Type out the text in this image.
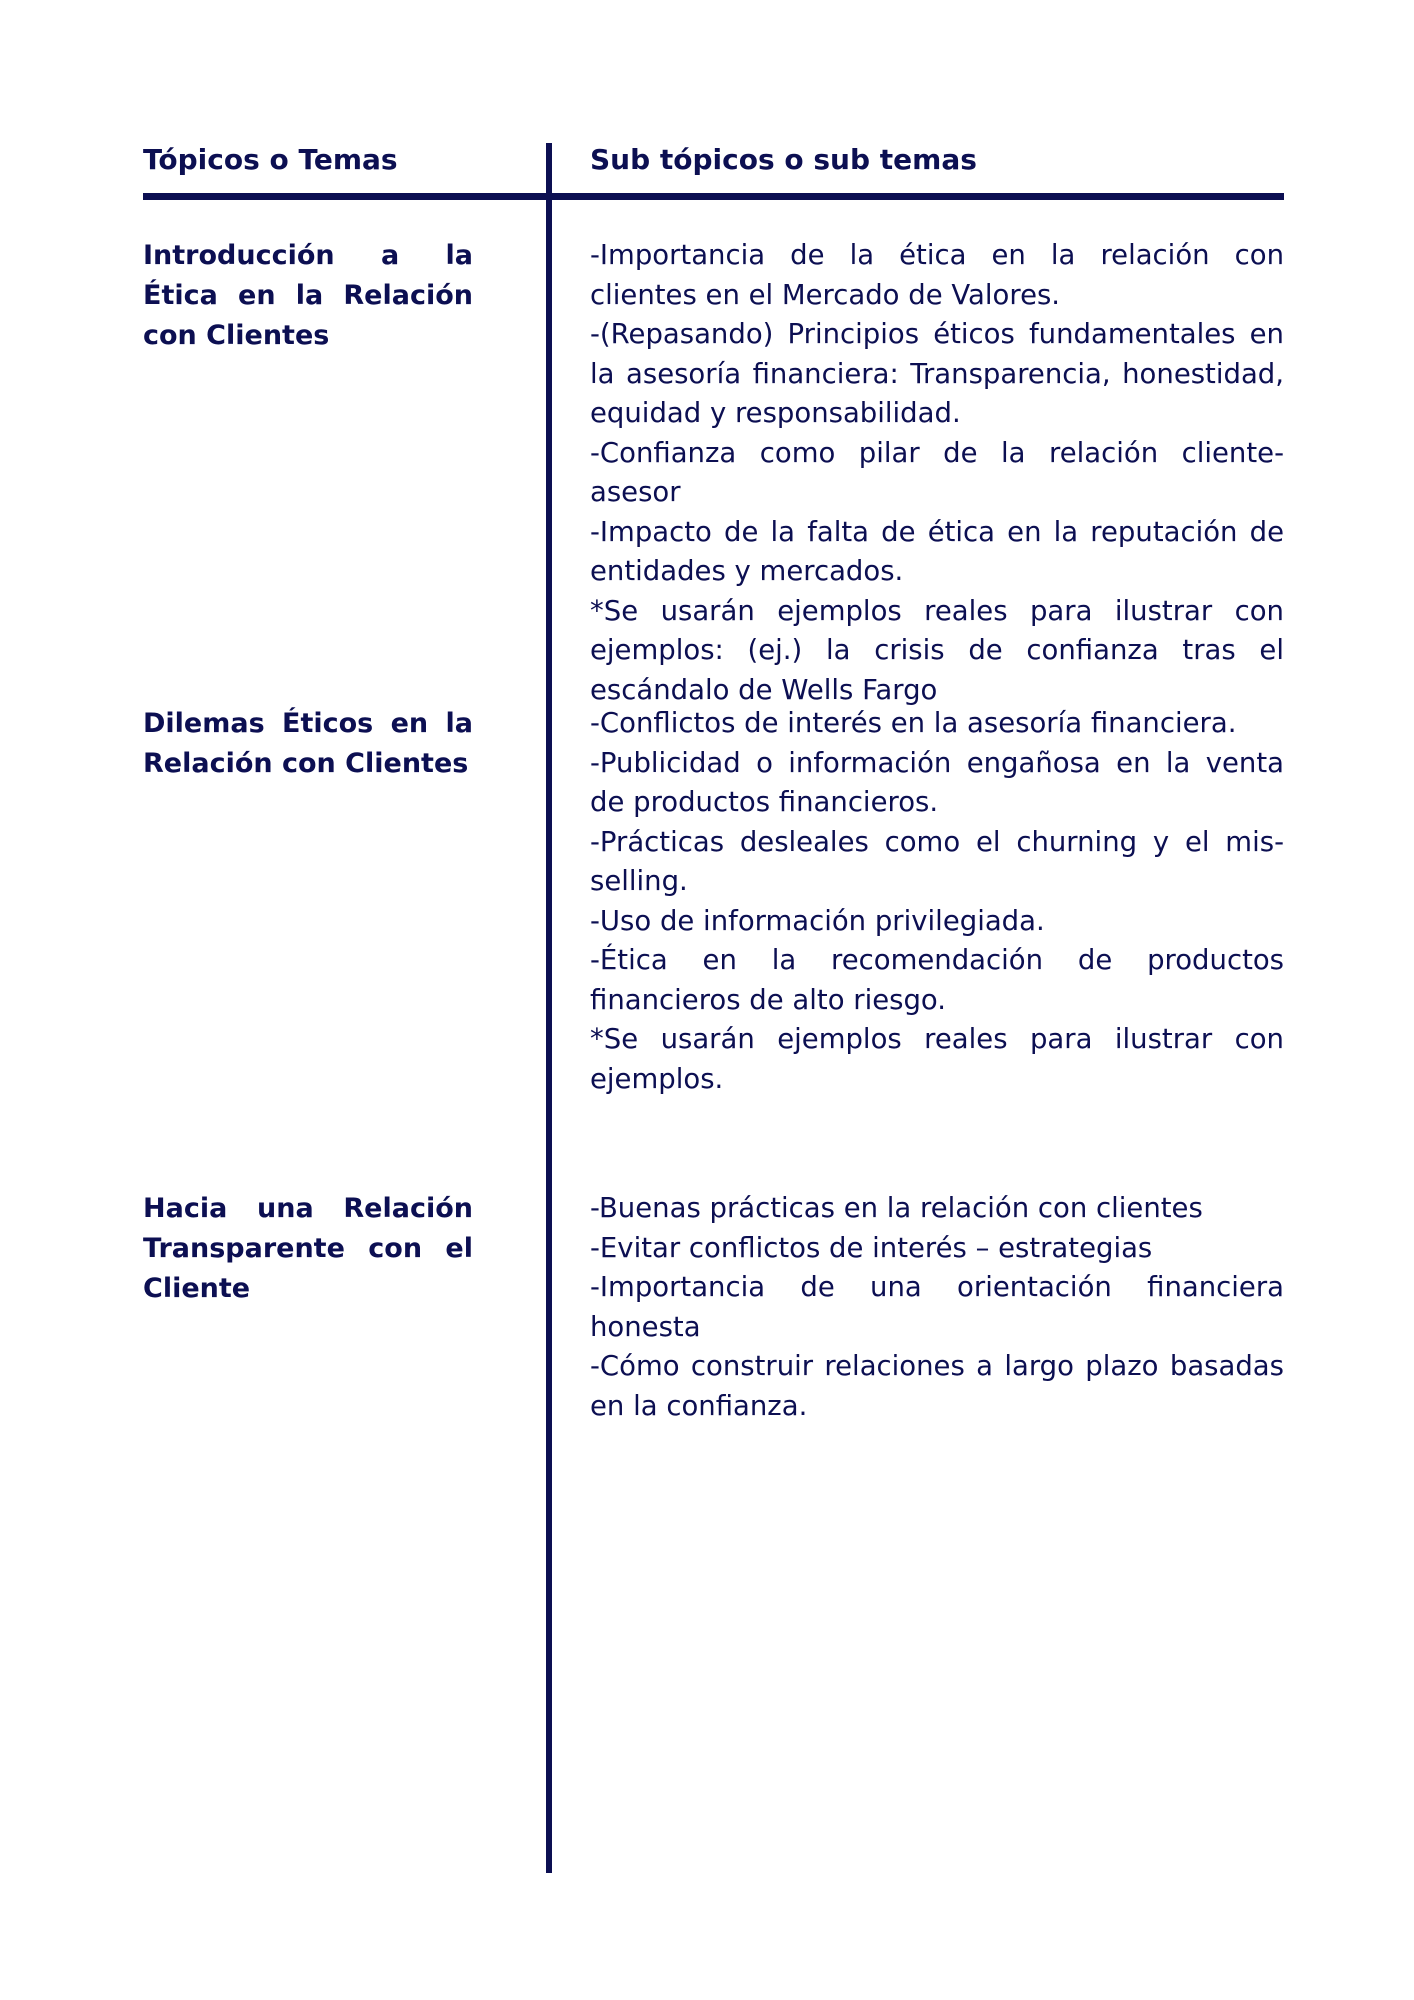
Tópicos o Temas	Sub tópicos o sub temas
Introducción a la Ética en la Relación con Clientes

-Importancia de la ética en la relación con clientes en el Mercado de Valores.

-(Repasando) Principios éticos fundamentales en la asesoría financiera: Transparencia, honestidad, equidad y responsabilidad.

-Confianza como pilar de la relación cliente-asesor

-Impacto de la falta de ética en la reputación de entidades y mercados.

*Se usarán ejemplos reales para ilustrar con ejemplos: (ej.) la crisis de confianza tras el escándalo de Wells Fargo

Dilemas Éticos en la Relación con Clientes

-Conflictos de interés en la asesoría financiera.

-Publicidad o información engañosa en la venta de productos financieros.

-Prácticas desleales como el churning y el mis-selling.

-Uso de información privilegiada.

-Ética en la recomendación de productos financieros de alto riesgo.

*Se usarán ejemplos reales para ilustrar con ejemplos.

Hacia una Relación Transparente con el Cliente

-Buenas prácticas en la relación con clientes

-Evitar conflictos de interés – estrategias

-Importancia de una orientación financiera honesta

-Cómo construir relaciones a largo plazo basadas en la confianza.
